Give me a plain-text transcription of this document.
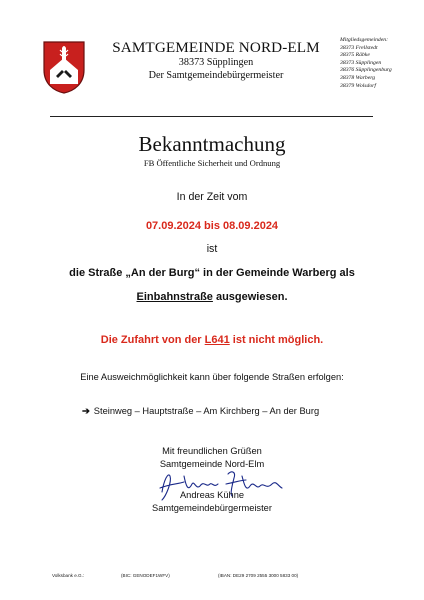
SAMTGEMEINDE NORD-ELM
38373 Süpplingen
Der Samtgemeindebürgermeister
Mitgliedsgemeinden:
38373 Frellstedt
38375 Räbke
38373 Süpplingen
38376 Süpplingenburg
38378 Warberg
38379 Wolsdorf
Bekanntmachung
FB Öffentliche Sicherheit und Ordnung
In der Zeit vom
07.09.2024 bis 08.09.2024
ist
die Straße „An der Burg“ in der Gemeinde Warberg als
Einbahnstraße ausgewiesen.
Die Zufahrt von der L641 ist nicht möglich.
Eine Ausweichmöglichkeit kann über folgende Straßen erfolgen:
➔ Steinweg – Hauptstraße – Am Kirchberg – An der Burg
Mit freundlichen Grüßen
Samtgemeinde Nord-Elm
Andreas Kühne
Samtgemeindebürgermeister
Volksbank e.G.:	(BIC: GENODEF1WFV)	(IBAN: DE29 2709 2555 3000 5833 00)
